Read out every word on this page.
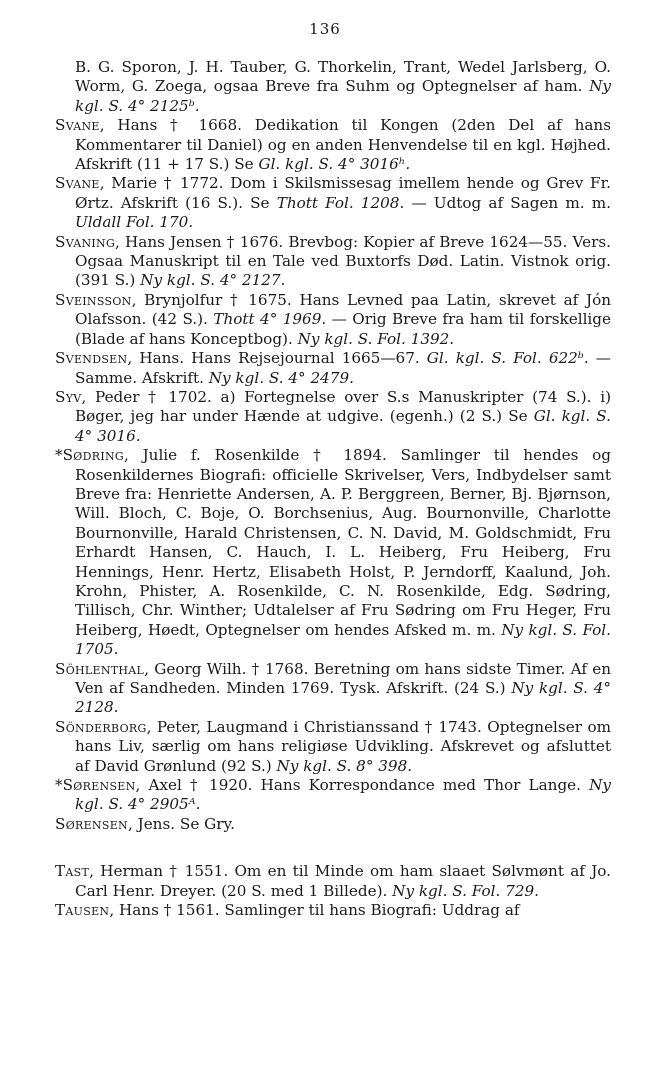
136

B. G. Sporon, J. H. Tauber, G. Thorkelin, Trant, Wedel Jarlsberg, O. Worm, G. Zoega, ogsaa Breve fra Suhm og Optegnelser af ham. Ny kgl. S. 4° 2125ᵇ.

Svane, Hans † 1668. Dedikation til Kongen (2den Del af hans Kommentarer til Daniel) og en anden Henvendelse til en kgl. Højhed. Afskrift (11 + 17 S.) Se Gl. kgl. S. 4° 3016ʰ.

Svane, Marie † 1772. Dom i Skilsmissesag imellem hende og Grev Fr. Ørtz. Afskrift (16 S.). Se Thott Fol. 1208. — Udtog af Sagen m. m. Uldall Fol. 170.

Svaning, Hans Jensen † 1676. Brevbog: Kopier af Breve 1624—55. Vers. Ogsaa Manuskript til en Tale ved Buxtorfs Død. Latin. Vistnok orig. (391 S.) Ny kgl. S. 4° 2127.

Sveinsson, Brynjolfur † 1675. Hans Levned paa Latin, skrevet af Jón Olafsson. (42 S.). Thott 4° 1969. — Orig Breve fra ham til forskellige (Blade af hans Konceptbog). Ny kgl. S. Fol. 1392.

Svendsen, Hans. Hans Rejsejournal 1665—67. Gl. kgl. S. Fol. 622ᵇ. — Samme. Afskrift. Ny kgl. S. 4° 2479.

Syv, Peder † 1702. a) Fortegnelse over S.s Manuskripter (74 S.). i) Bøger, jeg har under Hænde at udgive. (egenh.) (2 S.) Se Gl. kgl. S. 4° 3016.

*Sødring, Julie f. Rosenkilde † 1894. Samlinger til hendes og Rosenkildernes Biografi: officielle Skrivelser, Vers, Indbydelser samt Breve fra: Henriette Andersen, A. P. Berggreen, Berner, Bj. Bjørnson, Will. Bloch, C. Boje, O. Borchsenius, Aug. Bournonville, Charlotte Bournonville, Harald Christensen, C. N. David, M. Goldschmidt, Fru Erhardt Hansen, C. Hauch, I. L. Heiberg, Fru Heiberg, Fru Hennings, Henr. Hertz, Elisabeth Holst, P. Jerndorff, Kaalund, Joh. Krohn, Phister, A. Rosenkilde, C. N. Rosenkilde, Edg. Sødring, Tillisch, Chr. Winther; Udtalelser af Fru Sødring om Fru Heger, Fru Heiberg, Høedt, Optegnelser om hendes Afsked m. m. Ny kgl. S. Fol. 1705.

Söhlenthal, Georg Wilh. † 1768. Beretning om hans sidste Timer. Af en Ven af Sandheden. Minden 1769. Tysk. Afskrift. (24 S.) Ny kgl. S. 4° 2128.

Sönderborg, Peter, Laugmand i Christianssand † 1743. Optegnelser om hans Liv, særlig om hans religiøse Udvikling. Afskrevet og afsluttet af David Grønlund (92 S.) Ny kgl. S. 8° 398.

*Sørensen, Axel † 1920. Hans Korrespondance med Thor Lange. Ny kgl. S. 4° 2905ᴬ.

Sørensen, Jens. Se Gry.

Tast, Herman † 1551. Om en til Minde om ham slaaet Sølvmønt af Jo. Carl Henr. Dreyer. (20 S. med 1 Billede). Ny kgl. S. Fol. 729.

Tausen, Hans † 1561. Samlinger til hans Biografi: Uddrag af
